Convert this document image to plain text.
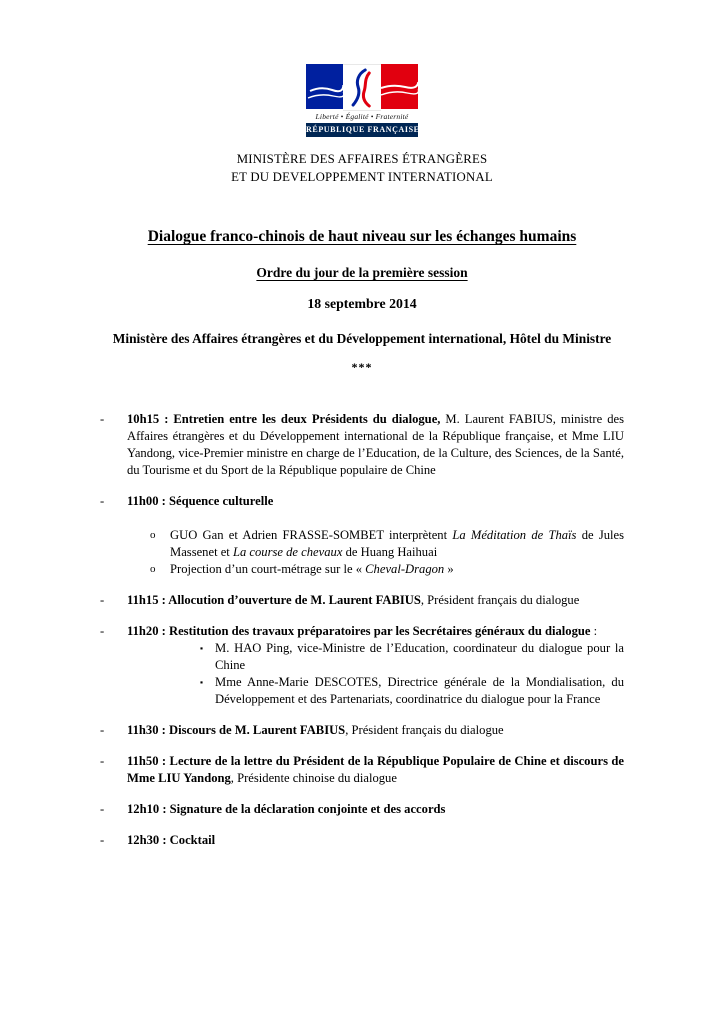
Liberté • Égalité • Fraternité
RÉPUBLIQUE FRANÇAISE
MINISTÈRE DES AFFAIRES ÉTRANGÈRES
ET DU DEVELOPPEMENT INTERNATIONAL
Dialogue franco-chinois de haut niveau sur les échanges humains
Ordre du jour de la première session
18 septembre 2014
Ministère des Affaires étrangères et du Développement international, Hôtel du Ministre
***
-	10h15 : Entretien entre les deux Présidents du dialogue, M. Laurent FABIUS, ministre des Affaires étrangères et du Développement international de la République française, et Mme LIU Yandong, vice-Premier ministre en charge de l’Education, de la Culture, des Sciences, de la Santé, du Tourisme et du Sport de la République populaire de Chine

-	11h00 : Séquence culturelle

o	GUO Gan et Adrien FRASSE-SOMBET interprètent La Méditation de Thaïs de Jules Massenet et La course de chevaux de Huang Haihuai

o	Projection d’un court-métrage sur le « Cheval-Dragon »

-	11h15 : Allocution d’ouverture de M. Laurent FABIUS, Président français du dialogue

-	11h20 : Restitution des travaux préparatoires par les Secrétaires généraux du dialogue :

▪ M. HAO Ping, vice-Ministre de l’Education, coordinateur du dialogue pour la Chine

▪ Mme Anne-Marie DESCOTES, Directrice générale de la Mondialisation, du Développement et des Partenariats, coordinatrice du dialogue pour la France

-	11h30 : Discours de M. Laurent FABIUS, Président français du dialogue

-	11h50 : Lecture de la lettre du Président de la République Populaire de Chine et discours de Mme LIU Yandong, Présidente chinoise du dialogue

-	12h10 : Signature de la déclaration conjointe et des accords

-	12h30 : Cocktail
